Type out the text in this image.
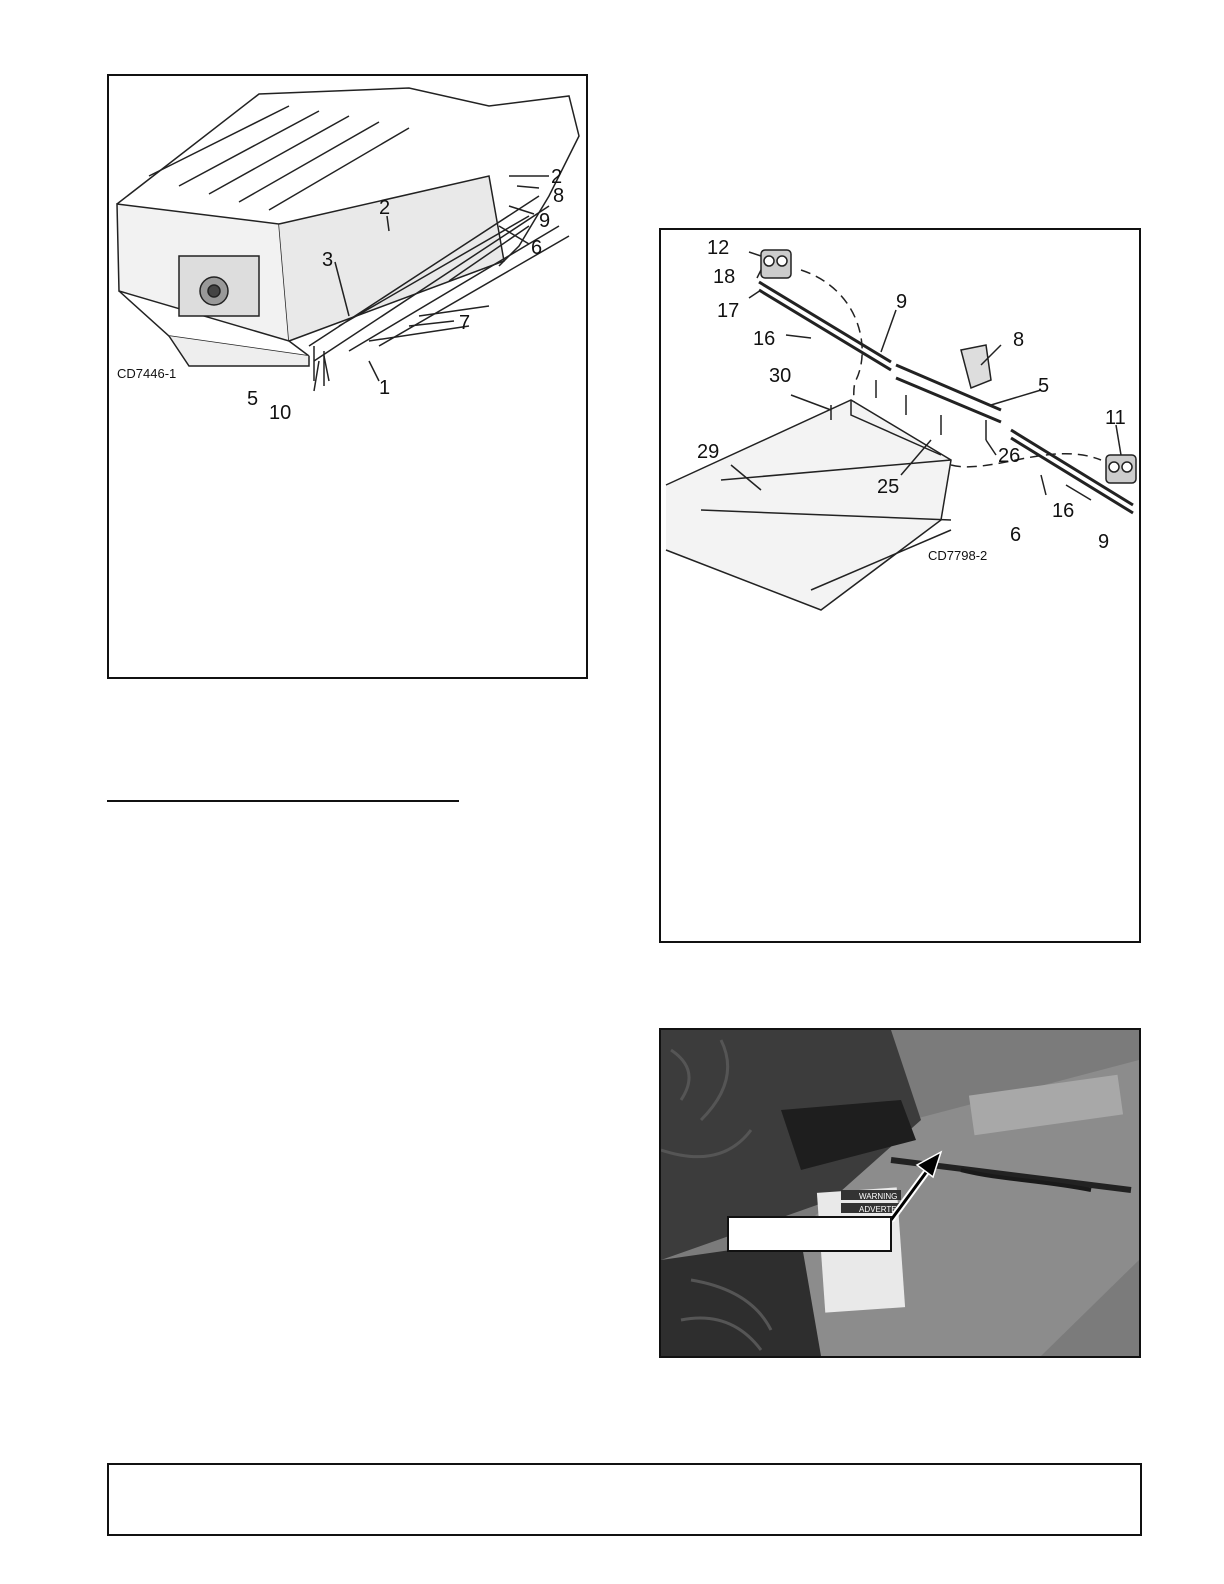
2
8
2
9
6
3
7
1
5
10
CD7446-1
12
18
17	9
16	8
30	5
11
29
25
26
16
6	9
CD7798-2
WARNING
ADVERTE
